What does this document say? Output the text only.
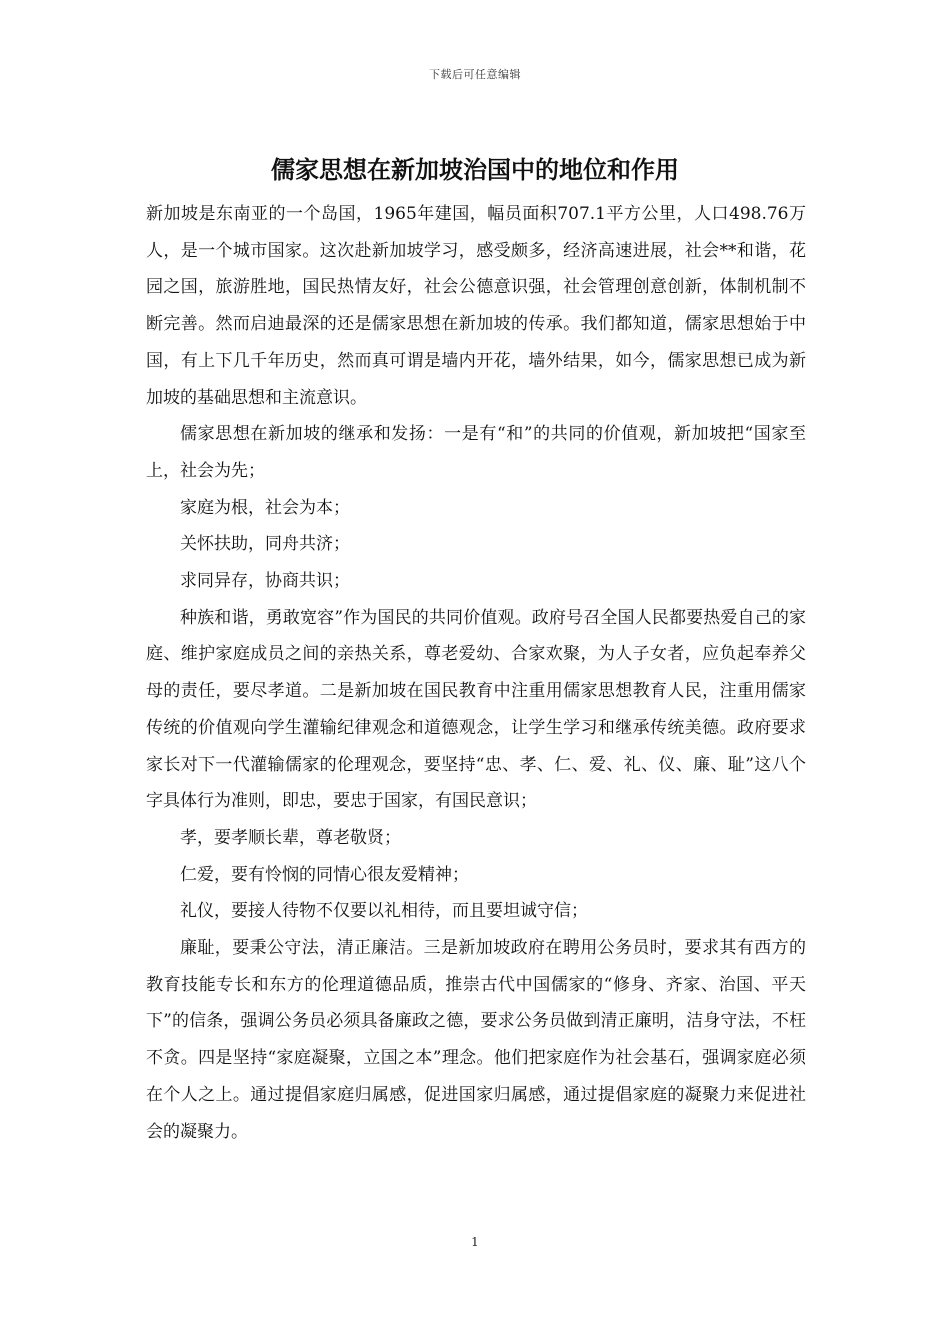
下载后可任意编辑
儒家思想在新加坡治国中的地位和作用

新加坡是东南亚的一个岛国，1965年建国，幅员面积707.1平方公里，人口498.76万人，是一个城市国家。这次赴新加坡学习，感受颇多，经济高速进展，社会**和谐，花园之国，旅游胜地，国民热情友好，社会公德意识强，社会管理创意创新，体制机制不断完善。然而启迪最深的还是儒家思想在新加坡的传承。我们都知道，儒家思想始于中国，有上下几千年历史，然而真可谓是墙内开花，墙外结果，如今，儒家思想已成为新加坡的基础思想和主流意识。

儒家思想在新加坡的继承和发扬：一是有“和”的共同的价值观，新加坡把“国家至上，社会为先；

家庭为根，社会为本；

关怀扶助，同舟共济；

求同异存，协商共识；

种族和谐，勇敢宽容”作为国民的共同价值观。政府号召全国人民都要热爱自己的家庭、维护家庭成员之间的亲热关系，尊老爱幼、合家欢聚，为人子女者，应负起奉养父母的责任，要尽孝道。二是新加坡在国民教育中注重用儒家思想教育人民，注重用儒家传统的价值观向学生灌输纪律观念和道德观念，让学生学习和继承传统美德。政府要求家长对下一代灌输儒家的伦理观念，要坚持“忠、孝、仁、爱、礼、仪、廉、耻”这八个字具体行为准则，即忠，要忠于国家，有国民意识；

孝，要孝顺长辈，尊老敬贤；

仁爱，要有怜悯的同情心很友爱精神；

礼仪，要接人待物不仅要以礼相待，而且要坦诚守信；

廉耻，要秉公守法，清正廉洁。三是新加坡政府在聘用公务员时，要求其有西方的教育技能专长和东方的伦理道德品质，推崇古代中国儒家的“修身、齐家、治国、平天下”的信条，强调公务员必须具备廉政之德，要求公务员做到清正廉明，洁身守法，不枉不贪。四是坚持“家庭凝聚，立国之本”理念。他们把家庭作为社会基石，强调家庭必须在个人之上。通过提倡家庭归属感，促进国家归属感，通过提倡家庭的凝聚力来促进社会的凝聚力。

1
